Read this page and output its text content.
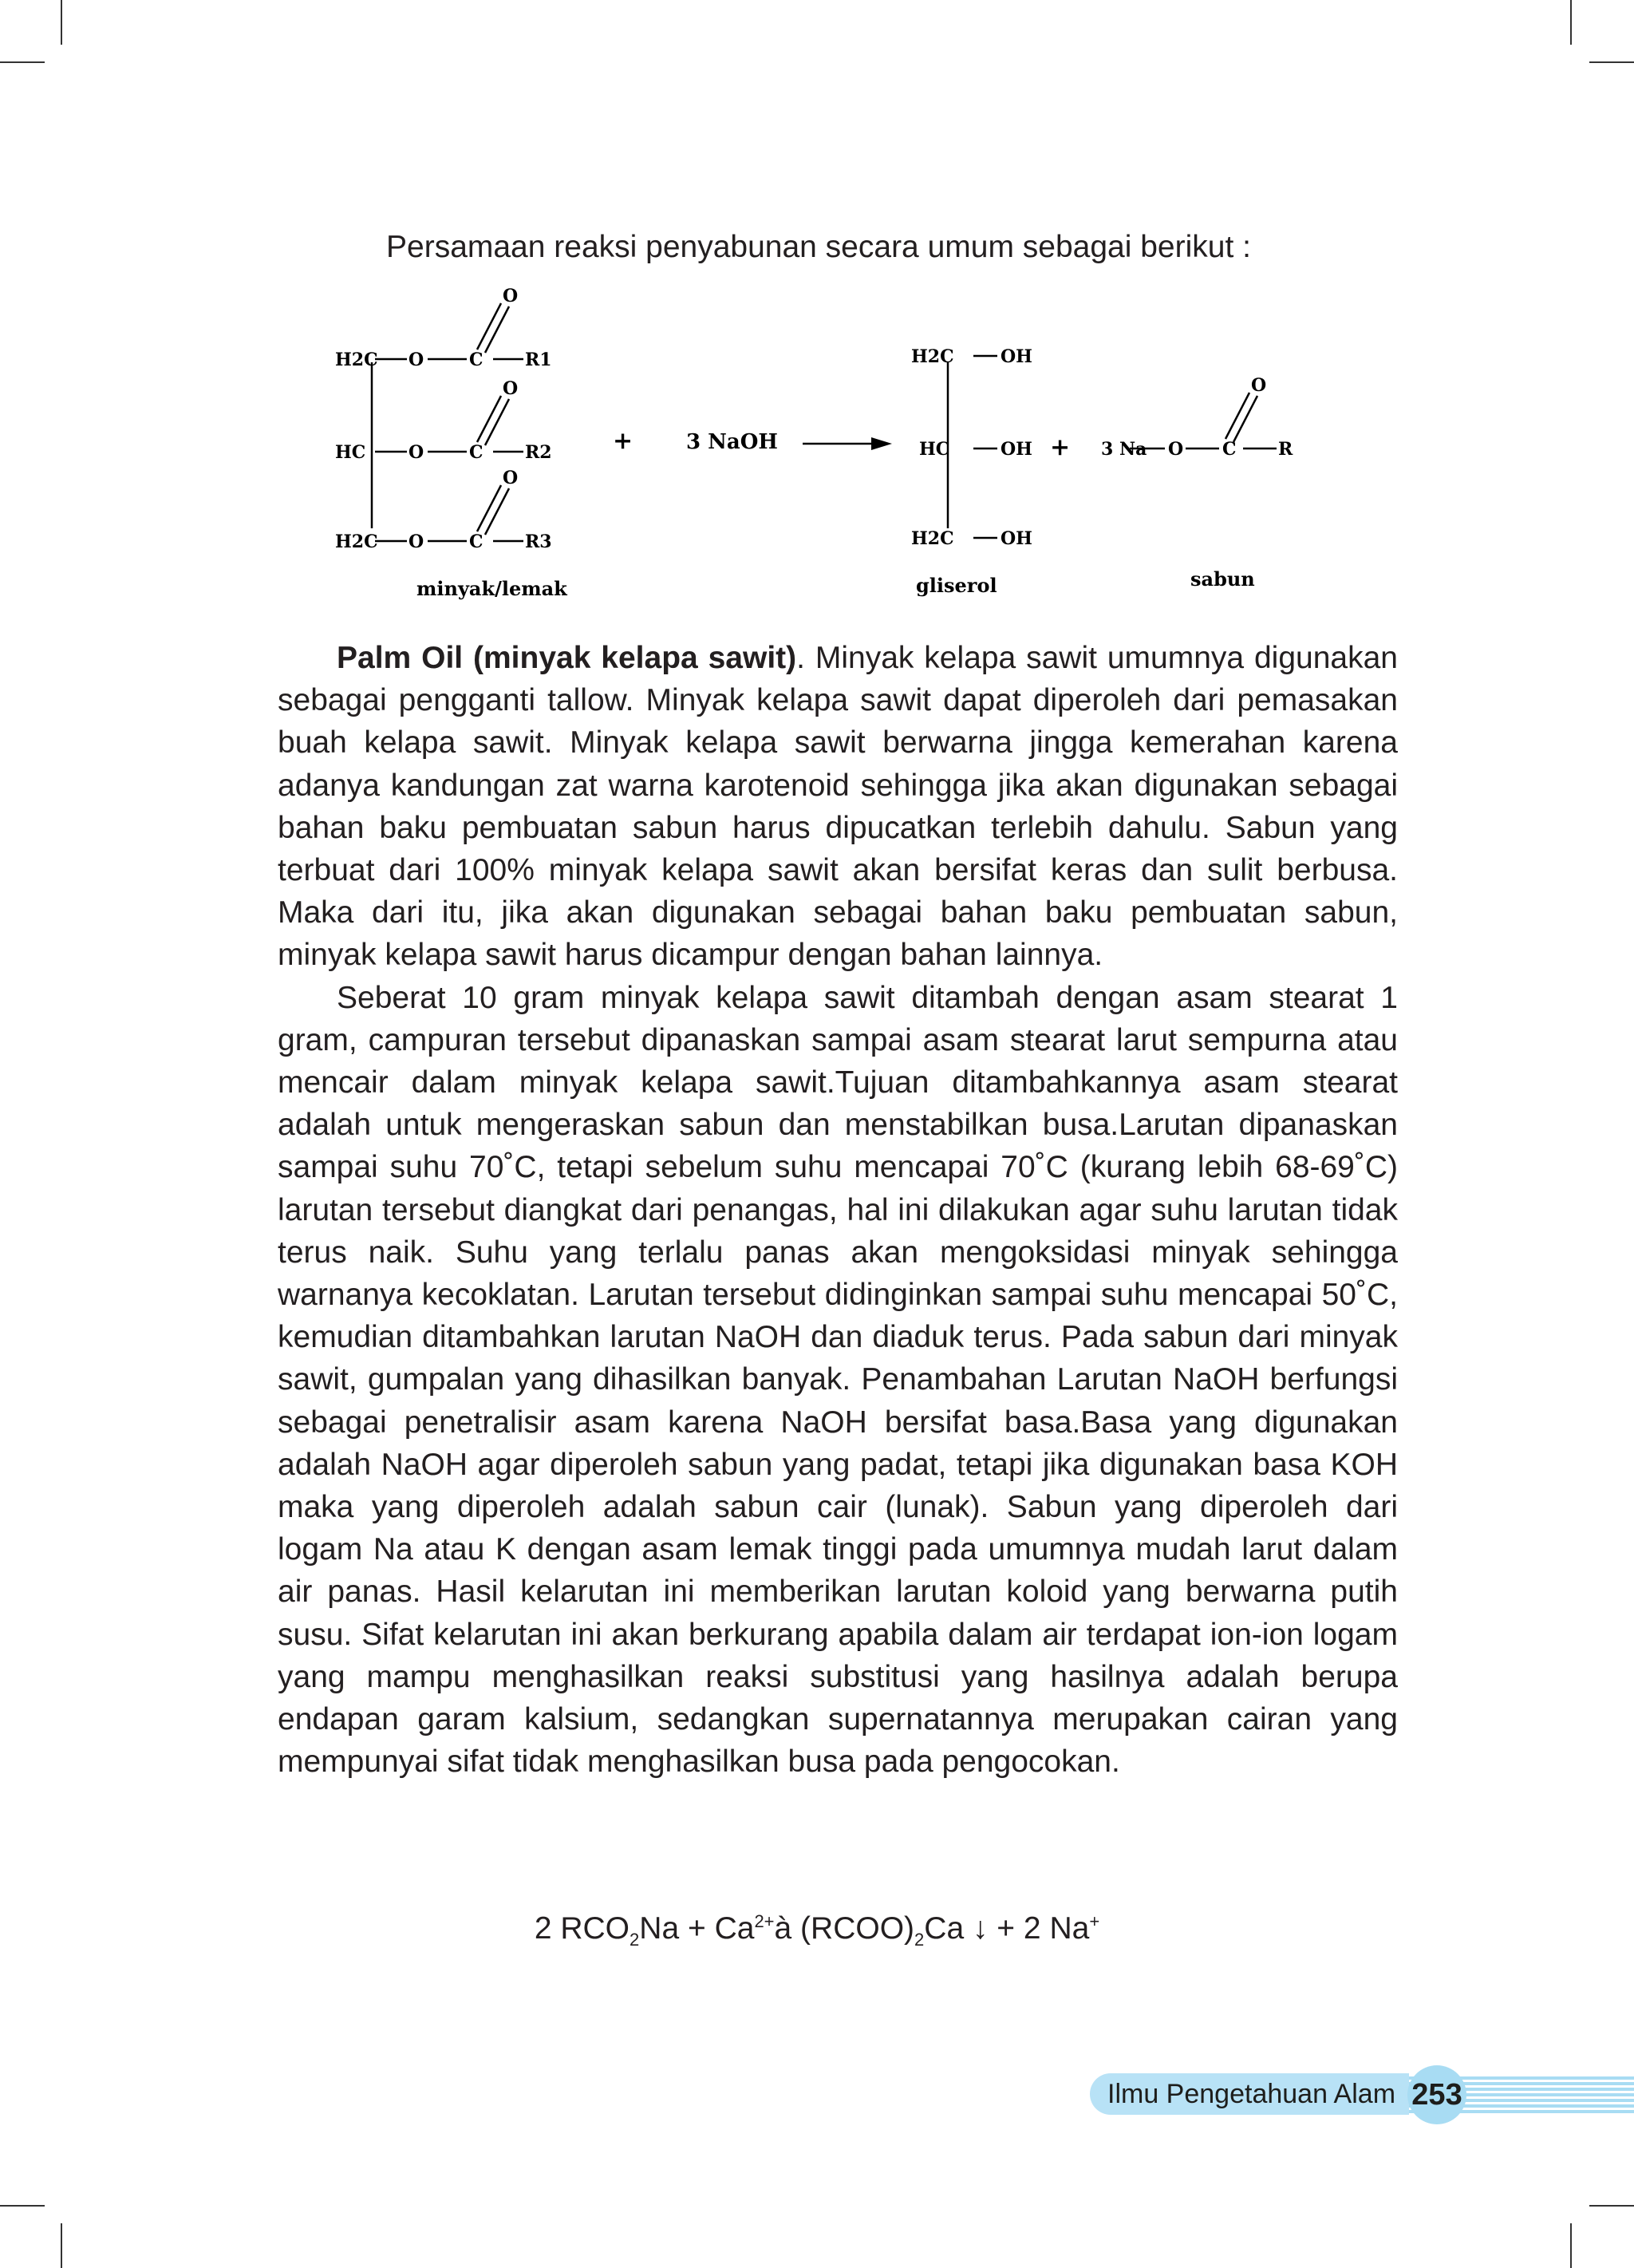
Persamaan reaksi penyabunan secara umum sebagai berikut :

H2C O	C R1
O
HC O	C R2
O
H2C O	C R3
O
minyak/lemak
+	3 NaOH
H2C	OH
HC	OH
H2C	OH
gliserol
+ 3 Na O C R
O
sabun

Palm Oil (minyak kelapa sawit). Minyak kelapa sawit umumnya digunakan sebagai pengganti tallow. Minyak kelapa sawit dapat diperoleh dari pemasakan buah kelapa sawit. Minyak kelapa sawit berwarna jingga kemerahan karena adanya kandungan zat warna karotenoid sehingga jika akan digunakan sebagai bahan baku pembuatan sabun harus dipucatkan terlebih dahulu. Sabun yang terbuat dari 100% minyak kelapa sawit akan bersifat keras dan sulit berbusa. Maka dari itu, jika akan digunakan sebagai bahan baku pembuatan sabun, minyak kelapa sawit harus dicampur dengan bahan lainnya.

Seberat 10 gram minyak kelapa sawit ditambah dengan asam stearat 1 gram, campuran tersebut dipanaskan sampai asam stearat larut sempurna atau mencair dalam minyak kelapa sawit.Tujuan ditambahkannya asam stearat adalah untuk mengeraskan sabun dan menstabilkan busa.Larutan dipanaskan sampai suhu 70˚C, tetapi sebelum suhu mencapai 70˚C (kurang lebih 68-69˚C) larutan tersebut diangkat dari penangas, hal ini dilakukan agar suhu larutan tidak terus naik. Suhu yang terlalu panas akan mengoksidasi minyak sehingga warnanya kecoklatan. Larutan tersebut didinginkan sampai suhu mencapai 50˚C, kemudian ditambahkan larutan NaOH dan diaduk terus. Pada sabun dari minyak sawit, gumpalan yang dihasilkan banyak. Penambahan Larutan NaOH berfungsi sebagai penetralisir asam karena NaOH bersifat basa.Basa yang digunakan adalah NaOH agar diperoleh sabun yang padat, tetapi jika digunakan basa KOH maka yang diperoleh adalah sabun cair (lunak). Sabun yang diperoleh dari logam Na atau K dengan asam lemak tinggi pada umumnya mudah larut dalam air panas. Hasil kelarutan ini memberikan larutan koloid yang berwarna putih susu. Sifat kelarutan ini akan berkurang apabila dalam air terdapat ion-ion logam yang mampu menghasilkan reaksi substitusi yang hasilnya adalah berupa endapan garam kalsium, sedangkan supernatannya merupakan cairan yang mempunyai sifat tidak menghasilkan busa pada pengocokan.

2 $RCO_2Na$ + $Ca^{2+}à$ $(RCOO)_2Ca$ ↓ + 2 Na+

Ilmu Pengetahuan Alam 253
